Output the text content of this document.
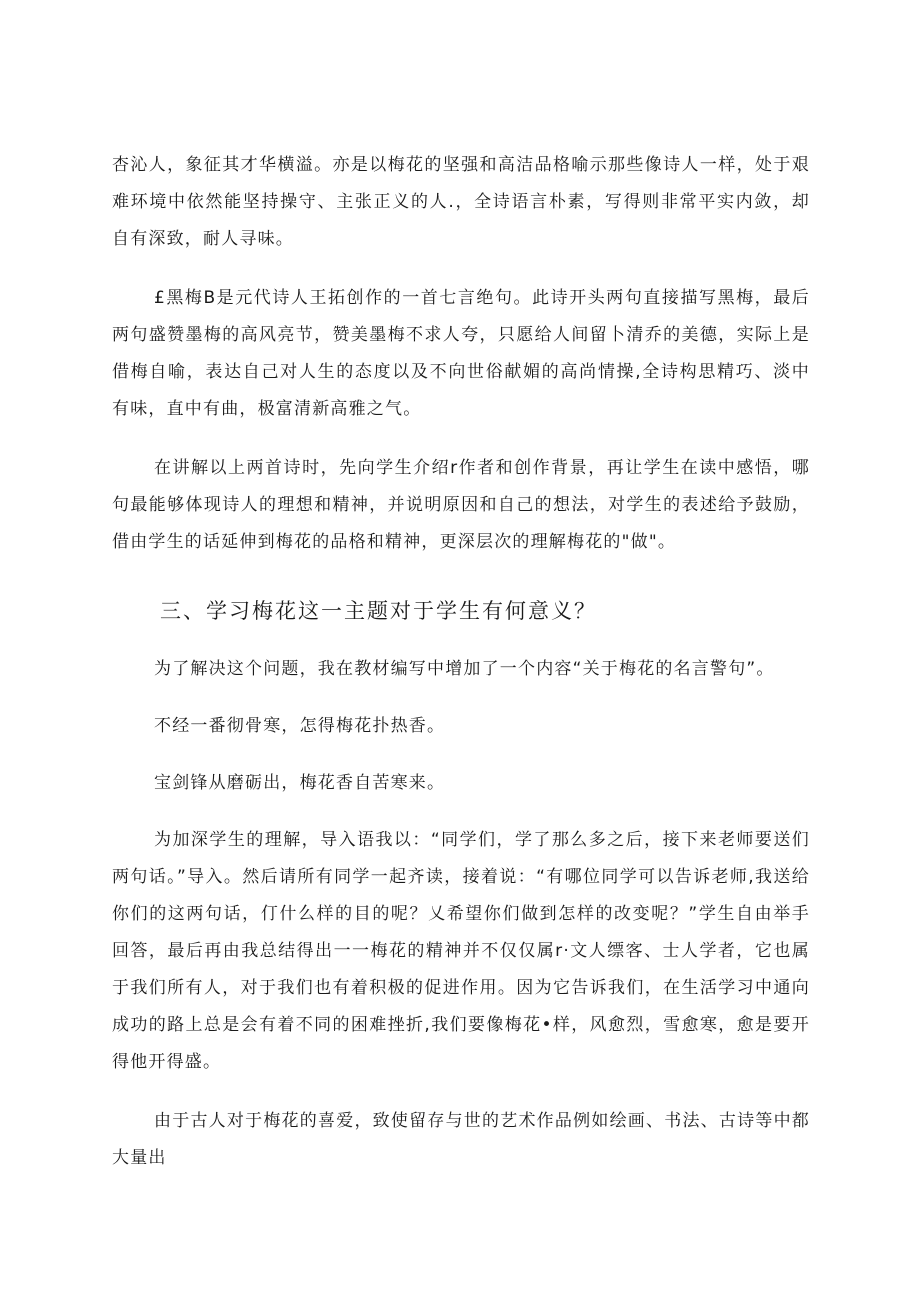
杏沁人，象征其才华横溢。亦是以梅花的坚强和高洁品格喻示那些像诗人一样，处于艰难环境中依然能坚持操守、主张正义的人.，全诗语言朴素，写得则非常平实内敛，却自有深致，耐人寻味。

£黑梅B是元代诗人王拓创作的一首七言绝句。此诗开头两句直接描写黑梅，最后两句盛赞墨梅的高风亮节，赞美墨梅不求人夸，只愿给人间留卜清乔的美德，实际上是借梅自喻，表达自己对人生的态度以及不向世俗献媚的高尚情操,全诗构思精巧、淡中有味，直中有曲，极富清新高雅之气。

在讲解以上两首诗时，先向学生介绍r作者和创作背景，再让学生在读中感悟，哪句最能够体现诗人的理想和精神，并说明原因和自己的想法，对学生的表述给予鼓励，借由学生的话延伸到梅花的品格和精神，更深层次的理解梅花的"做"。

三、学习梅花这一主题对于学生有何意义？

为了解决这个问题，我在教材编写中增加了一个内容“关于梅花的名言警句”。

不经一番彻骨寒，怎得梅花扑热香。

宝剑锋从磨砺出，梅花香自苦寒来。

为加深学生的理解，导入语我以：“同学们，学了那么多之后，接下来老师要送们两句话。”导入。然后请所有同学一起齐读，接着说：“有哪位同学可以告诉老师,我送给你们的这两句话，仃什么样的目的呢？乂希望你们做到怎样的改变呢？”学生自由举手回答，最后再由我总结得出一一梅花的精神并不仅仅属r·文人缥客、士人学者，它也属于我们所有人，对于我们也有着积极的促进作用。因为它告诉我们，在生活学习中通向成功的路上总是会有着不同的困难挫折,我们要像梅花•样，风愈烈，雪愈寒，愈是要开得他开得盛。

由于古人对于梅花的喜爱，致使留存与世的艺术作品例如绘画、书法、古诗等中都大量出
